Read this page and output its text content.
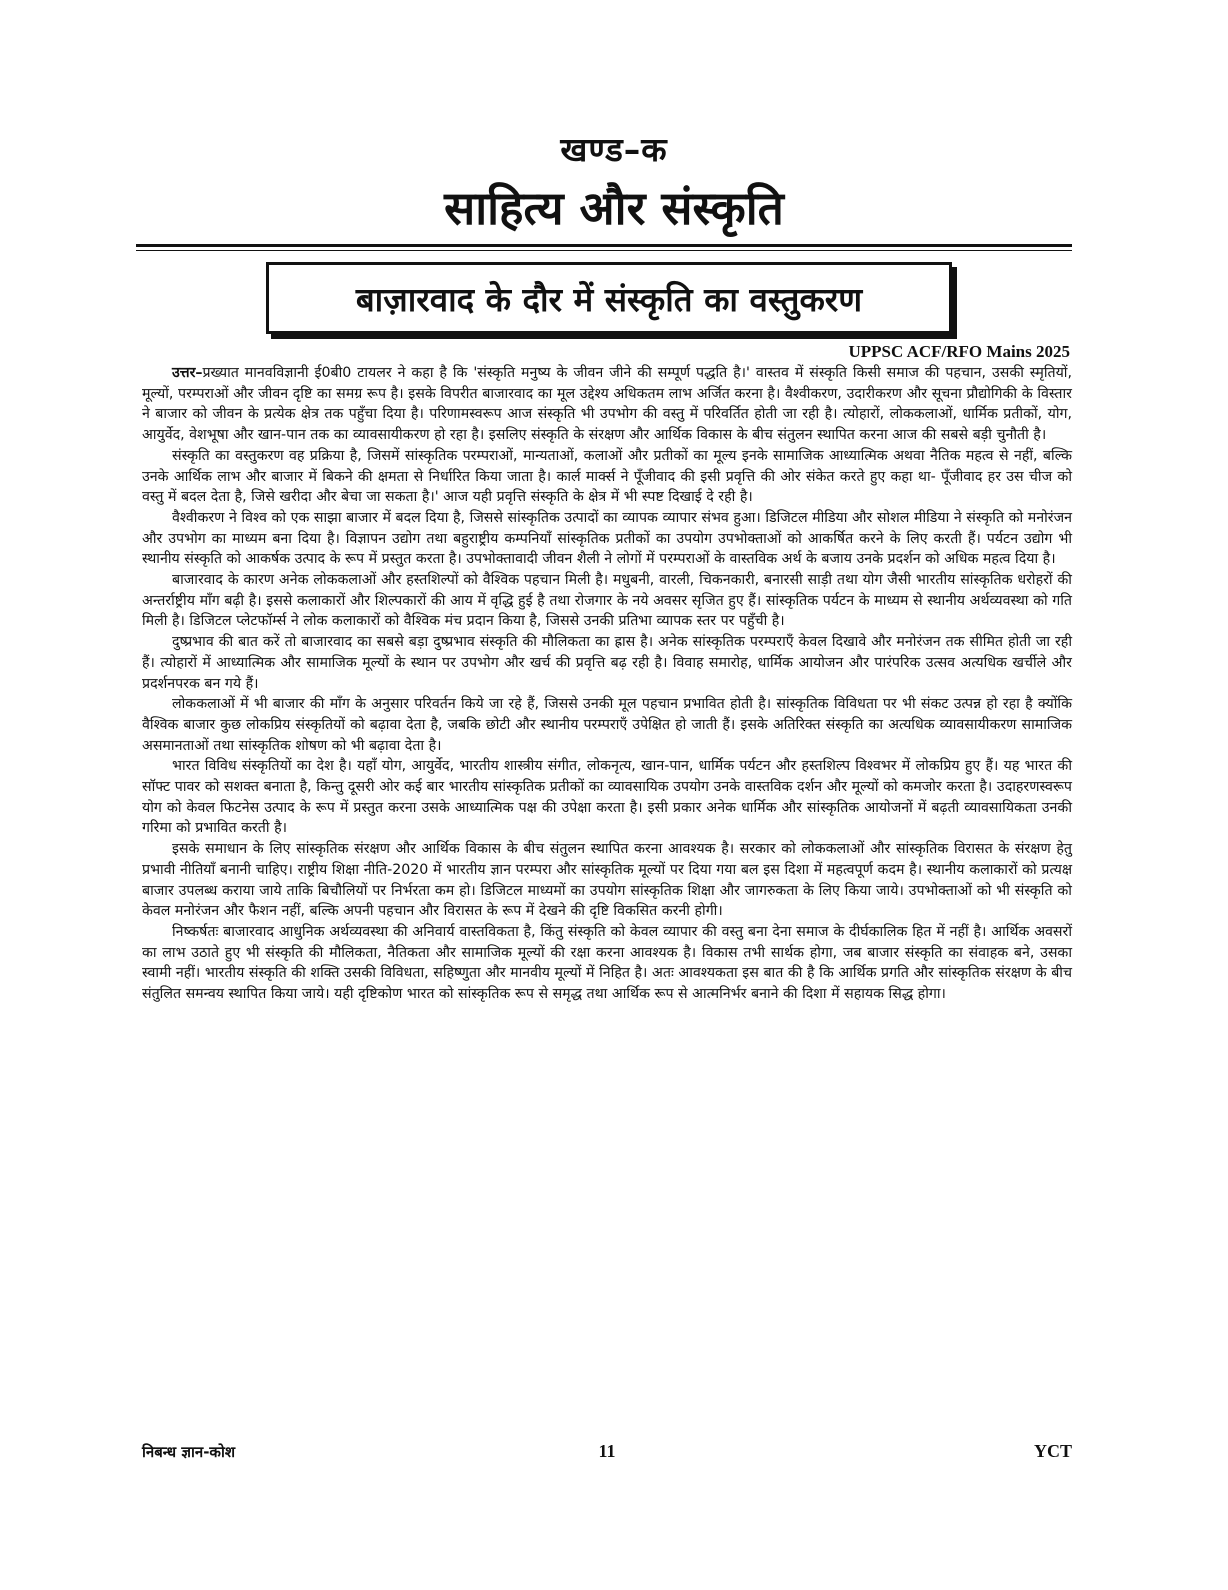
खण्ड–क
साहित्य और संस्कृति
बाज़ारवाद के दौर में संस्कृति का वस्तुकरण
UPPSC ACF/RFO Mains 2025

उत्तर–प्रख्यात मानवविज्ञानी ई0बी0 टायलर ने कहा है कि 'संस्कृति मनुष्य के जीवन जीने की सम्पूर्ण पद्धति है।' वास्तव में संस्कृति किसी समाज की पहचान, उसकी स्मृतियों, मूल्यों, परम्पराओं और जीवन दृष्टि का समग्र रूप है। इसके विपरीत बाजारवाद का मूल उद्देश्य अधिकतम लाभ अर्जित करना है। वैश्वीकरण, उदारीकरण और सूचना प्रौद्योगिकी के विस्तार ने बाजार को जीवन के प्रत्येक क्षेत्र तक पहुँचा दिया है। परिणामस्वरूप आज संस्कृति भी उपभोग की वस्तु में परिवर्तित होती जा रही है। त्योहारों, लोककलाओं, धार्मिक प्रतीकों, योग, आयुर्वेद, वेशभूषा और खान-पान तक का व्यावसायीकरण हो रहा है। इसलिए संस्कृति के संरक्षण और आर्थिक विकास के बीच संतुलन स्थापित करना आज की सबसे बड़ी चुनौती है।

संस्कृति का वस्तुकरण वह प्रक्रिया है, जिसमें सांस्कृतिक परम्पराओं, मान्यताओं, कलाओं और प्रतीकों का मूल्य इनके सामाजिक आध्यात्मिक अथवा नैतिक महत्व से नहीं, बल्कि उनके आर्थिक लाभ और बाजार में बिकने की क्षमता से निर्धारित किया जाता है। कार्ल मार्क्स ने पूँजीवाद की इसी प्रवृत्ति की ओर संकेत करते हुए कहा था- पूँजीवाद हर उस चीज को वस्तु में बदल देता है, जिसे खरीदा और बेचा जा सकता है।' आज यही प्रवृत्ति संस्कृति के क्षेत्र में भी स्पष्ट दिखाई दे रही है।

वैश्वीकरण ने विश्व को एक साझा बाजार में बदल दिया है, जिससे सांस्कृतिक उत्पादों का व्यापक व्यापार संभव हुआ। डिजिटल मीडिया और सोशल मीडिया ने संस्कृति को मनोरंजन और उपभोग का माध्यम बना दिया है। विज्ञापन उद्योग तथा बहुराष्ट्रीय कम्पनियाँ सांस्कृतिक प्रतीकों का उपयोग उपभोक्ताओं को आकर्षित करने के लिए करती हैं। पर्यटन उद्योग भी स्थानीय संस्कृति को आकर्षक उत्पाद के रूप में प्रस्तुत करता है। उपभोक्तावादी जीवन शैली ने लोगों में परम्पराओं के वास्तविक अर्थ के बजाय उनके प्रदर्शन को अधिक महत्व दिया है।

बाजारवाद के कारण अनेक लोककलाओं और हस्तशिल्पों को वैश्विक पहचान मिली है। मधुबनी, वारली, चिकनकारी, बनारसी साड़ी तथा योग जैसी भारतीय सांस्कृतिक धरोहरों की अन्तर्राष्ट्रीय माँग बढ़ी है। इससे कलाकारों और शिल्पकारों की आय में वृद्धि हुई है तथा रोजगार के नये अवसर सृजित हुए हैं। सांस्कृतिक पर्यटन के माध्यम से स्थानीय अर्थव्यवस्था को गति मिली है। डिजिटल प्लेटफॉर्म्स ने लोक कलाकारों को वैश्विक मंच प्रदान किया है, जिससे उनकी प्रतिभा व्यापक स्तर पर पहुँची है।

दुष्प्रभाव की बात करें तो बाजारवाद का सबसे बड़ा दुष्प्रभाव संस्कृति की मौलिकता का ह्रास है। अनेक सांस्कृतिक परम्पराएँ केवल दिखावे और मनोरंजन तक सीमित होती जा रही हैं। त्योहारों में आध्यात्मिक और सामाजिक मूल्यों के स्थान पर उपभोग और खर्च की प्रवृत्ति बढ़ रही है। विवाह समारोह, धार्मिक आयोजन और पारंपरिक उत्सव अत्यधिक खर्चीले और प्रदर्शनपरक बन गये हैं।

लोककलाओं में भी बाजार की माँग के अनुसार परिवर्तन किये जा रहे हैं, जिससे उनकी मूल पहचान प्रभावित होती है। सांस्कृतिक विविधता पर भी संकट उत्पन्न हो रहा है क्योंकि वैश्विक बाजार कुछ लोकप्रिय संस्कृतियों को बढ़ावा देता है, जबकि छोटी और स्थानीय परम्पराएँ उपेक्षित हो जाती हैं। इसके अतिरिक्त संस्कृति का अत्यधिक व्यावसायीकरण सामाजिक असमानताओं तथा सांस्कृतिक शोषण को भी बढ़ावा देता है।

भारत विविध संस्कृतियों का देश है। यहाँ योग, आयुर्वेद, भारतीय शास्त्रीय संगीत, लोकनृत्य, खान-पान, धार्मिक पर्यटन और हस्तशिल्प विश्वभर में लोकप्रिय हुए हैं। यह भारत की सॉफ्ट पावर को सशक्त बनाता है, किन्तु दूसरी ओर कई बार भारतीय सांस्कृतिक प्रतीकों का व्यावसायिक उपयोग उनके वास्तविक दर्शन और मूल्यों को कमजोर करता है। उदाहरणस्वरूप योग को केवल फिटनेस उत्पाद के रूप में प्रस्तुत करना उसके आध्यात्मिक पक्ष की उपेक्षा करता है। इसी प्रकार अनेक धार्मिक और सांस्कृतिक आयोजनों में बढ़ती व्यावसायिकता उनकी गरिमा को प्रभावित करती है।

इसके समाधान के लिए सांस्कृतिक संरक्षण और आर्थिक विकास के बीच संतुलन स्थापित करना आवश्यक है। सरकार को लोककलाओं और सांस्कृतिक विरासत के संरक्षण हेतु प्रभावी नीतियाँ बनानी चाहिए। राष्ट्रीय शिक्षा नीति-2020 में भारतीय ज्ञान परम्परा और सांस्कृतिक मूल्यों पर दिया गया बल इस दिशा में महत्वपूर्ण कदम है। स्थानीय कलाकारों को प्रत्यक्ष बाजार उपलब्ध कराया जाये ताकि बिचौलियों पर निर्भरता कम हो। डिजिटल माध्यमों का उपयोग सांस्कृतिक शिक्षा और जागरुकता के लिए किया जाये। उपभोक्ताओं को भी संस्कृति को केवल मनोरंजन और फैशन नहीं, बल्कि अपनी पहचान और विरासत के रूप में देखने की दृष्टि विकसित करनी होगी।

निष्कर्षतः बाजारवाद आधुनिक अर्थव्यवस्था की अनिवार्य वास्तविकता है, किंतु संस्कृति को केवल व्यापार की वस्तु बना देना समाज के दीर्घकालिक हित में नहीं है। आर्थिक अवसरों का लाभ उठाते हुए भी संस्कृति की मौलिकता, नैतिकता और सामाजिक मूल्यों की रक्षा करना आवश्यक है। विकास तभी सार्थक होगा, जब बाजार संस्कृति का संवाहक बने, उसका स्वामी नहीं। भारतीय संस्कृति की शक्ति उसकी विविधता, सहिष्णुता और मानवीय मूल्यों में निहित है। अतः आवश्यकता इस बात की है कि आर्थिक प्रगति और सांस्कृतिक संरक्षण के बीच संतुलित समन्वय स्थापित किया जाये। यही दृष्टिकोण भारत को सांस्कृतिक रूप से समृद्ध तथा आर्थिक रूप से आत्मनिर्भर बनाने की दिशा में सहायक सिद्ध होगा।

निबन्ध ज्ञान-कोश	11	YCT
